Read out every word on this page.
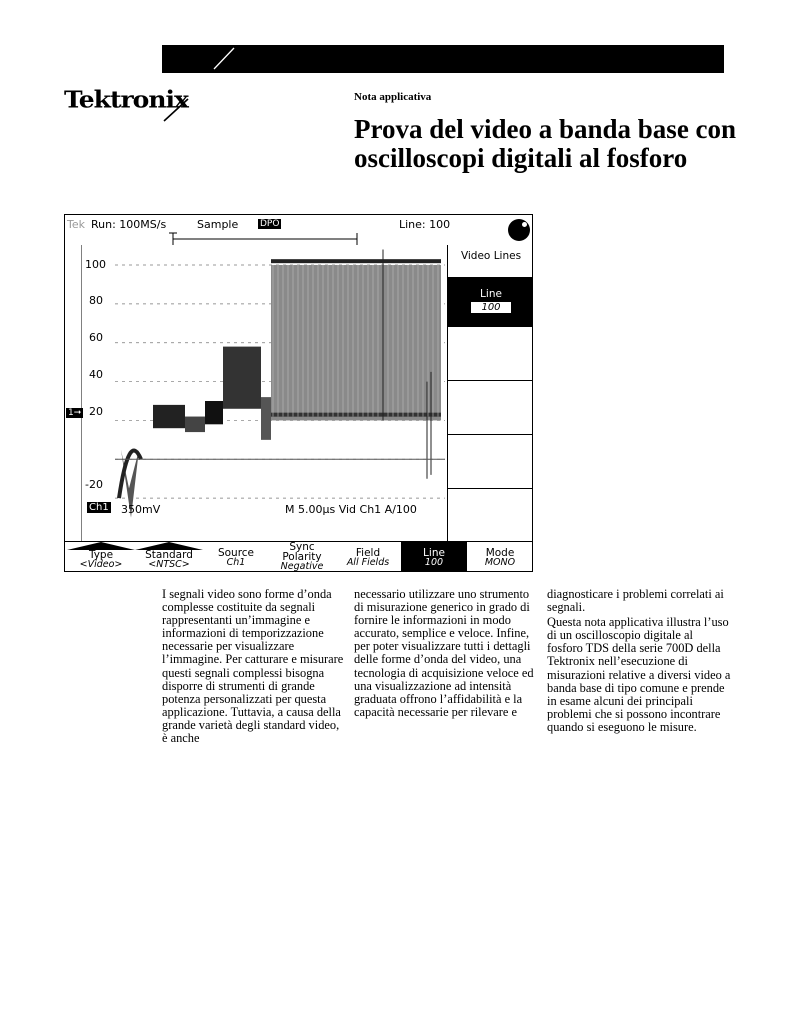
Tektronix	Nota applicativa
Prova del video a banda base con oscilloscopi digitali al fosforo
Tek Run: 100MS/s	Sample DPO	Line: 100
100
80
60
40
20
-20
1➞
Ch1 350mV	M 5.00µs Vid Ch1 A/100
Video Lines
Line
100
Type
<Video>
Standard
<NTSC>
Source
Ch1
Sync Polarity
Negative
Field
All Fields
Line
100
Mode
MONO

I segnali video sono forme d’onda complesse costituite da segnali rappresentanti un’immagine e informazioni di temporizzazione necessarie per visualizzare l’immagine. Per catturare e misurare questi segnali complessi bisogna disporre di strumenti di grande potenza personalizzati per questa applicazione. Tuttavia, a causa della grande varietà degli standard video, è anche

necessario utilizzare uno strumento di misurazione generico in grado di fornire le informazioni in modo accurato, semplice e veloce. Infine, per poter visualizzare tutti i dettagli delle forme d’onda del video, una tecnologia di acquisizione veloce ed una visualizzazione ad intensità graduata offrono l’affidabilità e la capacità necessarie per rilevare e

diagnosticare i problemi correlati ai segnali.

Questa nota applicativa illustra l’uso di un oscilloscopio digitale al fosforo TDS della serie 700D della Tektronix nell’esecuzione di misurazioni relative a diversi video a banda base di tipo comune e prende in esame alcuni dei principali problemi che si possono incontrare quando si eseguono le misure.
